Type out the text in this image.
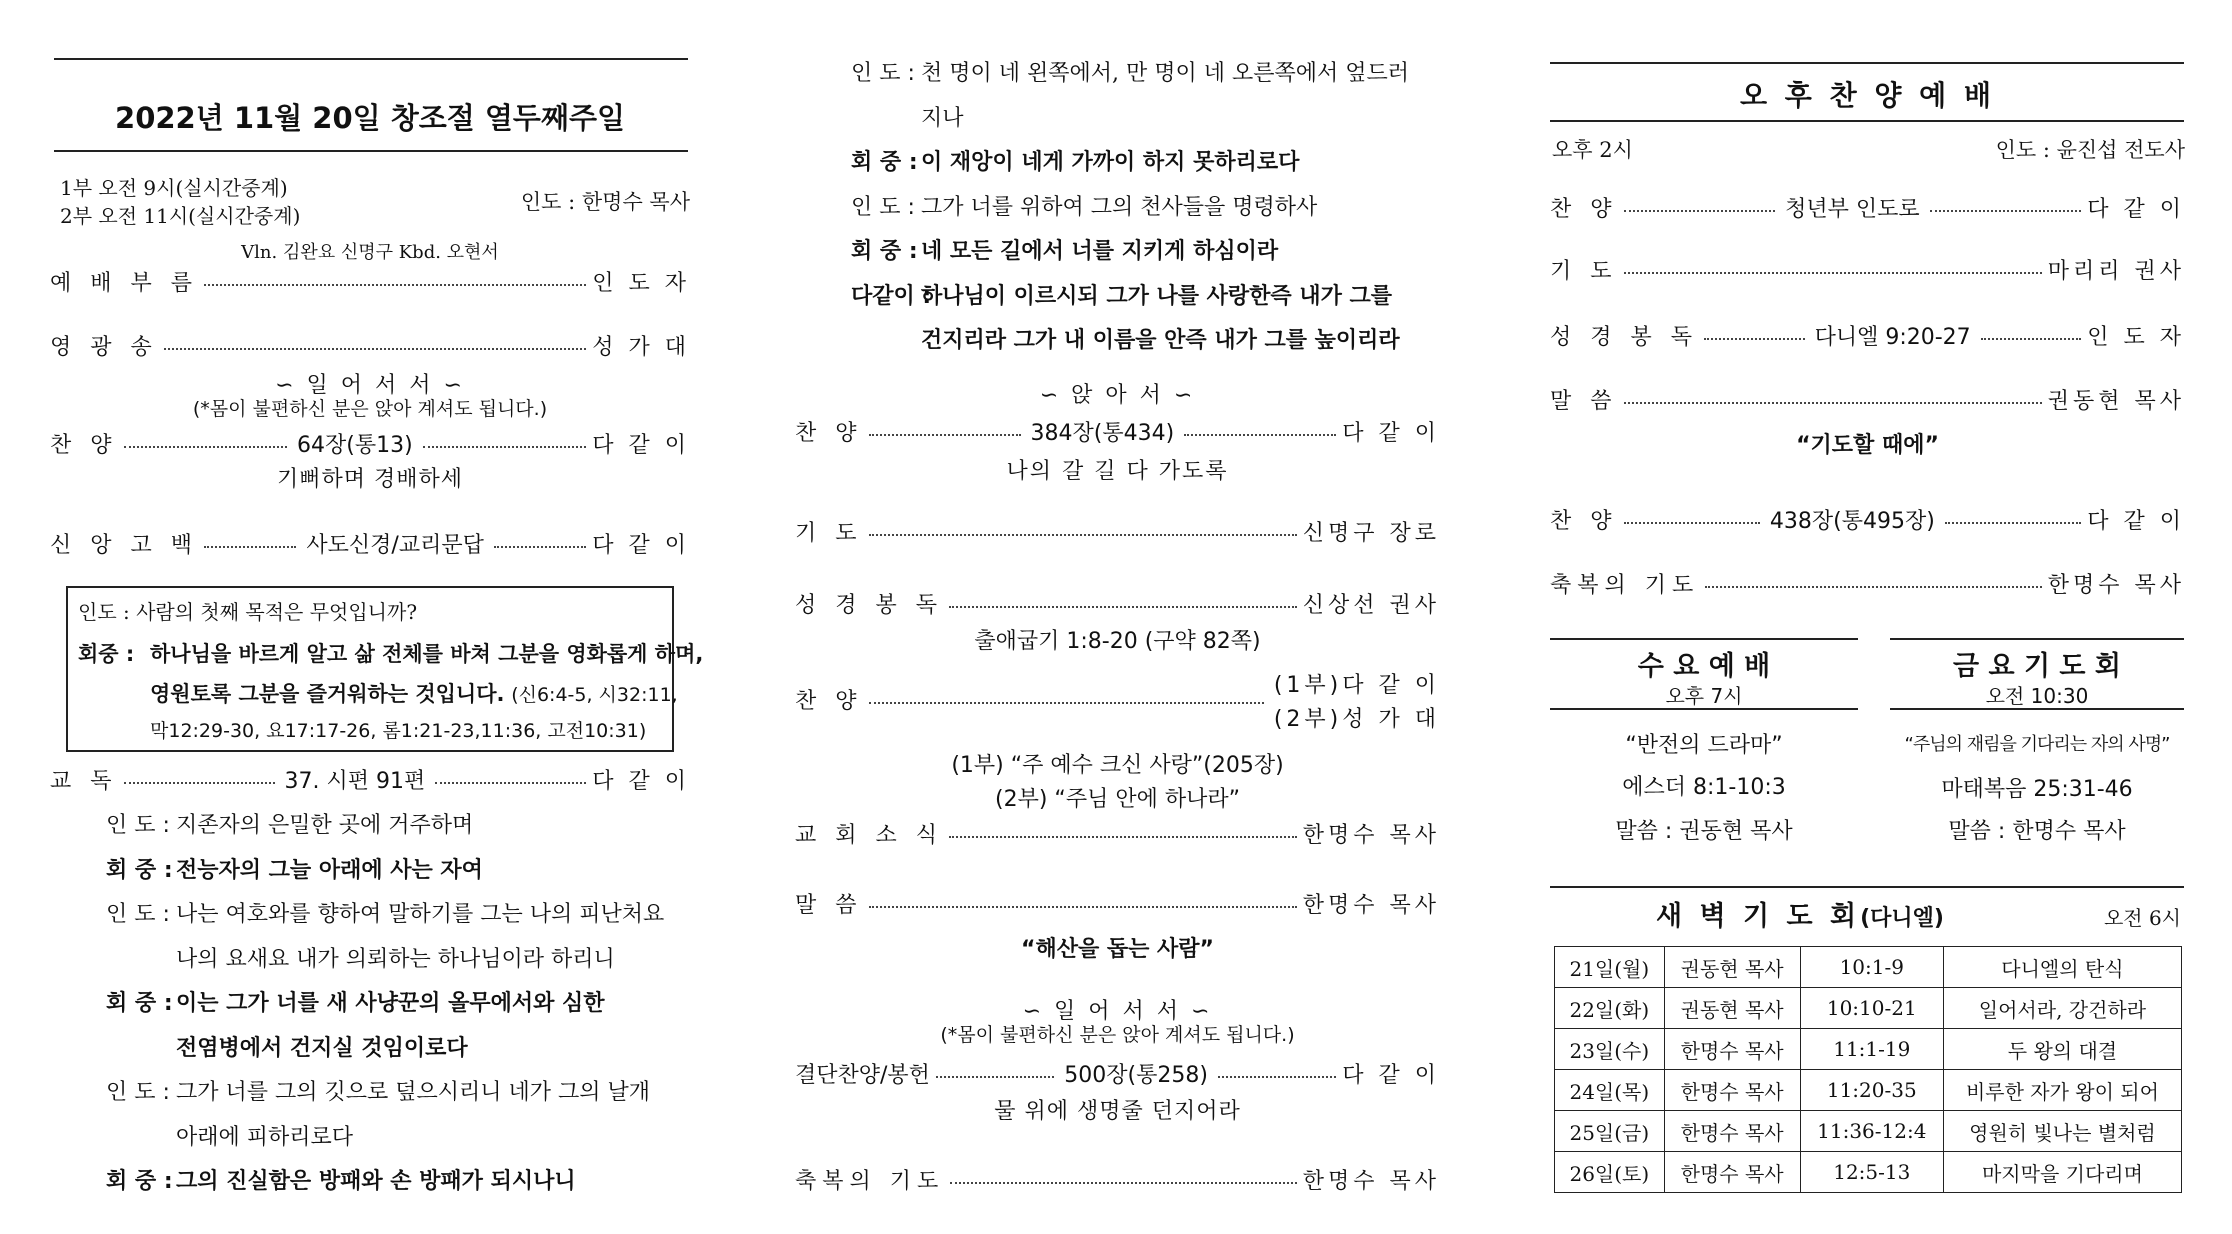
2022년 11월 20일 창조절 열두째주일
1부 오전 9시(실시간중계)
2부 오전 11시(실시간중계)
인도 : 한명수 목사
Vln. 김완요 신명구 Kbd. 오현서
예 배 부 름	인 도 자
영 광 송	성 가 대
∽ 일 어 서 서 ∽
(*몸이 불편하신 분은 앉아 계셔도 됩니다.)
찬 양	64장(통13)	다 같 이
기뻐하며 경배하세
신 앙 고 백	사도신경/교리문답	다 같 이
인도 : 사람의 첫째 목적은 무엇입니까?
회중 : 하나님을 바르게 알고 삶 전체를 바쳐 그분을 영화롭게 하며,
영원토록 그분을 즐거워하는 것입니다. (신6:4-5, 시32:11,
막12:29-30, 요17:17-26, 롬1:21-23,11:36, 고전10:31)
교 독	37. 시편 91편	다 같 이
인 도 : 지존자의 은밀한 곳에 거주하며
회 중 : 전능자의 그늘 아래에 사는 자여
인 도 : 나는 여호와를 향하여 말하기를 그는 나의 피난처요
나의 요새요 내가 의뢰하는 하나님이라 하리니
회 중 : 이는 그가 너를 새 사냥꾼의 올무에서와 심한
전염병에서 건지실 것임이로다
인 도 : 그가 너를 그의 깃으로 덮으시리니 네가 그의 날개
아래에 피하리로다
회 중 : 그의 진실함은 방패와 손 방패가 되시나니
인 도 : 천 명이 네 왼쪽에서, 만 명이 네 오른쪽에서 엎드러
지나
회 중 : 이 재앙이 네게 가까이 하지 못하리로다
인 도 : 그가 너를 위하여 그의 천사들을 명령하사
회 중 : 네 모든 길에서 너를 지키게 하심이라
다같이 :
하나님이 이르시되 그가 나를 사랑한즉 내가 그를
건지리라 그가 내 이름을 안즉 내가 그를 높이리라
∽ 앉 아 서 ∽
찬 양	384장(통434)	다 같 이
나의 갈 길 다 가도록
기 도	신명구 장로
성 경 봉 독	신상선 권사
출애굽기 1:8-20 (구약 82쪽)
찬 양
(1부)다 같 이
(2부)성 가 대
(1부) “주 예수 크신 사랑”(205장)
(2부) “주님 안에 하나라”
교 회 소 식	한명수 목사
말 씀	한명수 목사
“해산을 돕는 사람”
∽ 일 어 서 서 ∽
(*몸이 불편하신 분은 앉아 계셔도 됩니다.)
결단찬양/봉헌	500장(통258)	다 같 이
물 위에 생명줄 던지어라
축복의 기도	한명수 목사
오 후 찬 양 예 배
오후 2시	인도 : 윤진섭 전도사
찬 양	청년부 인도로	다 같 이
기 도	마리리 권사
성 경 봉 독	다니엘 9:20-27	인 도 자
말 씀	권동현 목사
“기도할 때에”
찬 양	438장(통495장)	다 같 이
축복의 기도	한명수 목사
수 요 예 배
오후 7시
“반전의 드라마”
에스더 8:1-10:3
말씀 : 권동현 목사
금 요 기 도 회
오전 10:30
“주님의 재림을 기다리는 자의 사명”
마태복음 25:31-46
말씀 : 한명수 목사
새 벽 기 도 회(다니엘)	오전 6시
21일(월)	권동현 목사	10:1-9	다니엘의 탄식
22일(화)	권동현 목사	10:10-21	일어서라, 강건하라
23일(수)	한명수 목사	11:1-19	두 왕의 대결
24일(목)	한명수 목사	11:20-35	비루한 자가 왕이 되어
25일(금)	한명수 목사	11:36-12:4	영원히 빛나는 별처럼
26일(토)	한명수 목사	12:5-13	마지막을 기다리며
